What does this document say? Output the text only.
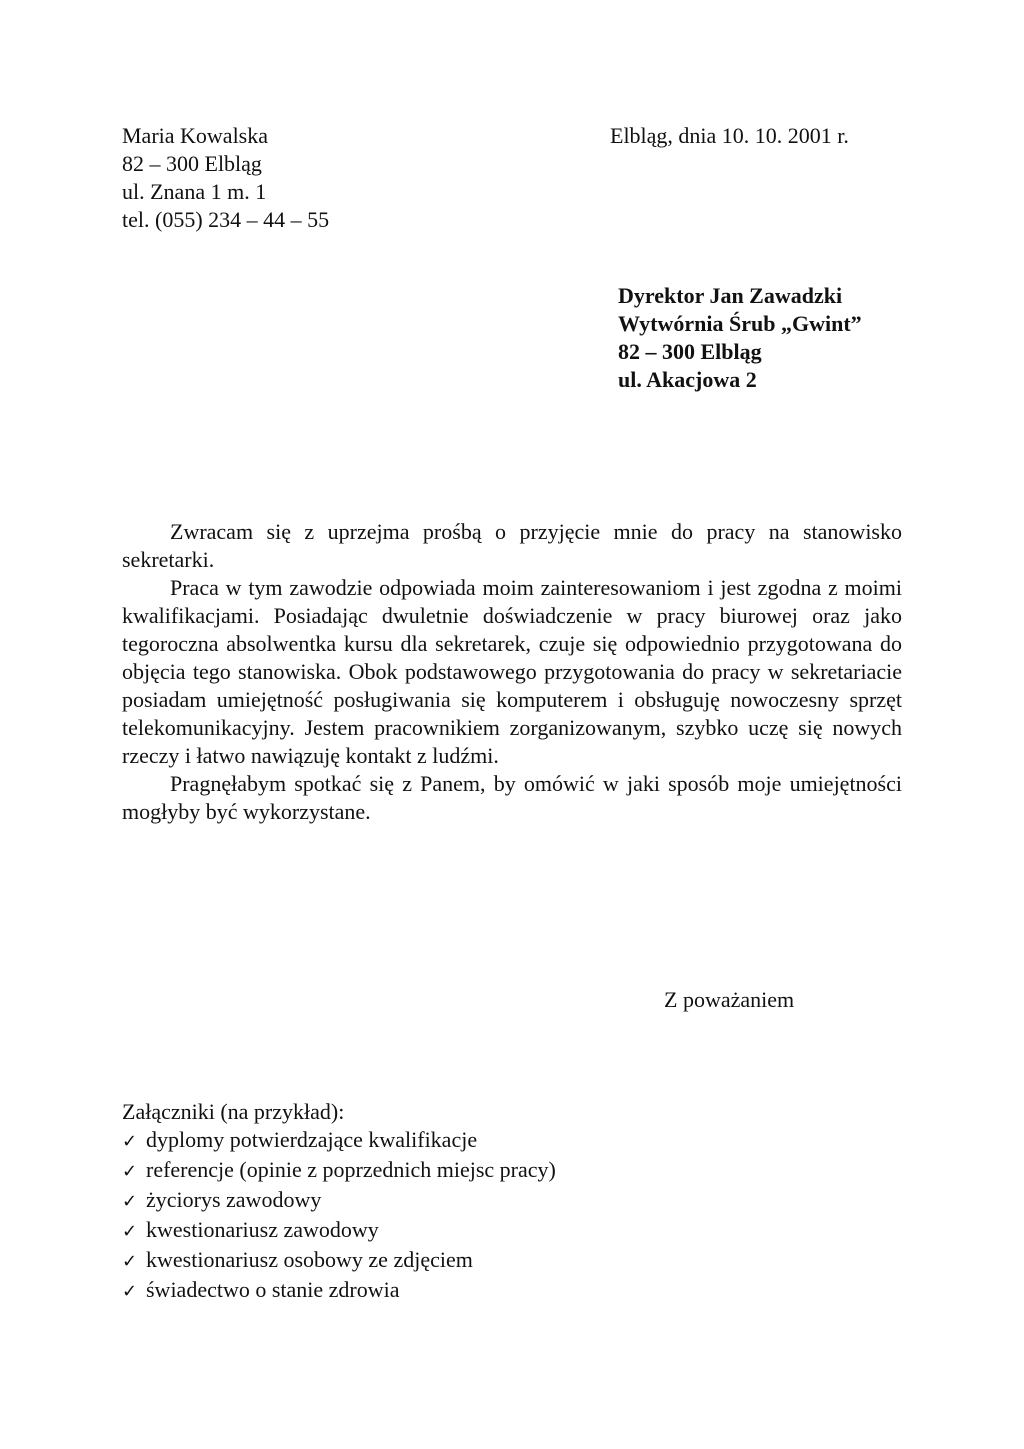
Maria Kowalska
82 – 300 Elbląg
ul. Znana 1 m. 1
tel. (055) 234 – 44 – 55
Elbląg, dnia 10. 10. 2001 r.
Dyrektor Jan Zawadzki
Wytwórnia Śrub „Gwint”
82 – 300 Elbląg
ul. Akacjowa 2

Zwracam się z uprzejma prośbą o przyjęcie mnie do pracy na stanowisko sekretarki.

Praca w tym zawodzie odpowiada moim zainteresowaniom i jest zgodna z moimi kwalifikacjami. Posiadając dwuletnie doświadczenie w pracy biurowej oraz jako tegoroczna absolwentka kursu dla sekretarek, czuje się odpowiednio przygotowana do objęcia tego stanowiska. Obok podstawowego przygotowania do pracy w sekretariacie posiadam umiejętność posługiwania się komputerem i obsługuję nowoczesny sprzęt telekomunikacyjny. Jestem pracownikiem zorganizowanym, szybko uczę się nowych rzeczy i łatwo nawiązuję kontakt z ludźmi.

Pragnęłabym spotkać się z Panem, by omówić w jaki sposób moje umiejętności mogłyby być wykorzystane.

Z poważaniem
Załączniki (na przykład):
✓ dyplomy potwierdzające kwalifikacje
✓ referencje (opinie z poprzednich miejsc pracy)
✓ życiorys zawodowy
✓ kwestionariusz zawodowy
✓ kwestionariusz osobowy ze zdjęciem
✓ świadectwo o stanie zdrowia
